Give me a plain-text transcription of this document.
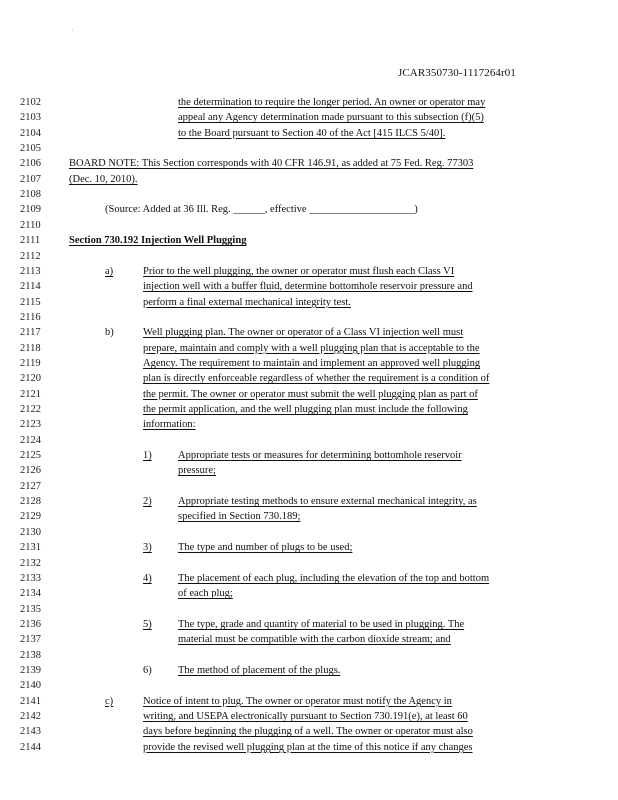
·
JCAR350730-1117264r01
2102	the determination to require the longer period. An owner or operator may
2103	appeal any Agency determination made pursuant to this subsection (f)(5)
2104	to the Board pursuant to Section 40 of the Act [415 ILCS 5/40].
2105
2106	BOARD NOTE: This Section corresponds with 40 CFR 146.91, as added at 75 Fed. Reg. 77303
2107	(Dec. 10, 2010).
2108
2109	(Source: Added at 36 Ill. Reg. ______, effective ____________________)
2110
2111	Section 730.192 Injection Well Plugging
2112
2113	a)	Prior to the well plugging, the owner or operator must flush each Class VI
2114	injection well with a buffer fluid, determine bottomhole reservoir pressure and
2115	perform a final external mechanical integrity test.
2116
2117	b)	Well plugging plan. The owner or operator of a Class VI injection well must
2118	prepare, maintain and comply with a well plugging plan that is acceptable to the
2119	Agency. The requirement to maintain and implement an approved well plugging
2120	plan is directly enforceable regardless of whether the requirement is a condition of
2121	the permit. The owner or operator must submit the well plugging plan as part of
2122	the permit application, and the well plugging plan must include the following
2123	information:
2124
2125	1)	Appropriate tests or measures for determining bottomhole reservoir
2126	pressure;
2127
2128	2)	Appropriate testing methods to ensure external mechanical integrity, as
2129	specified in Section 730.189;
2130
2131	3)	The type and number of plugs to be used;
2132
2133	4)	The placement of each plug, including the elevation of the top and bottom
2134	of each plug;
2135
2136	5)	The type, grade and quantity of material to be used in plugging. The
2137	material must be compatible with the carbon dioxide stream; and
2138
2139	6)	The method of placement of the plugs.
2140
2141	c)	Notice of intent to plug. The owner or operator must notify the Agency in
2142	writing, and USEPA electronically pursuant to Section 730.191(e), at least 60
2143	days before beginning the plugging of a well. The owner or operator must also
2144	provide the revised well plugging plan at the time of this notice if any changes
